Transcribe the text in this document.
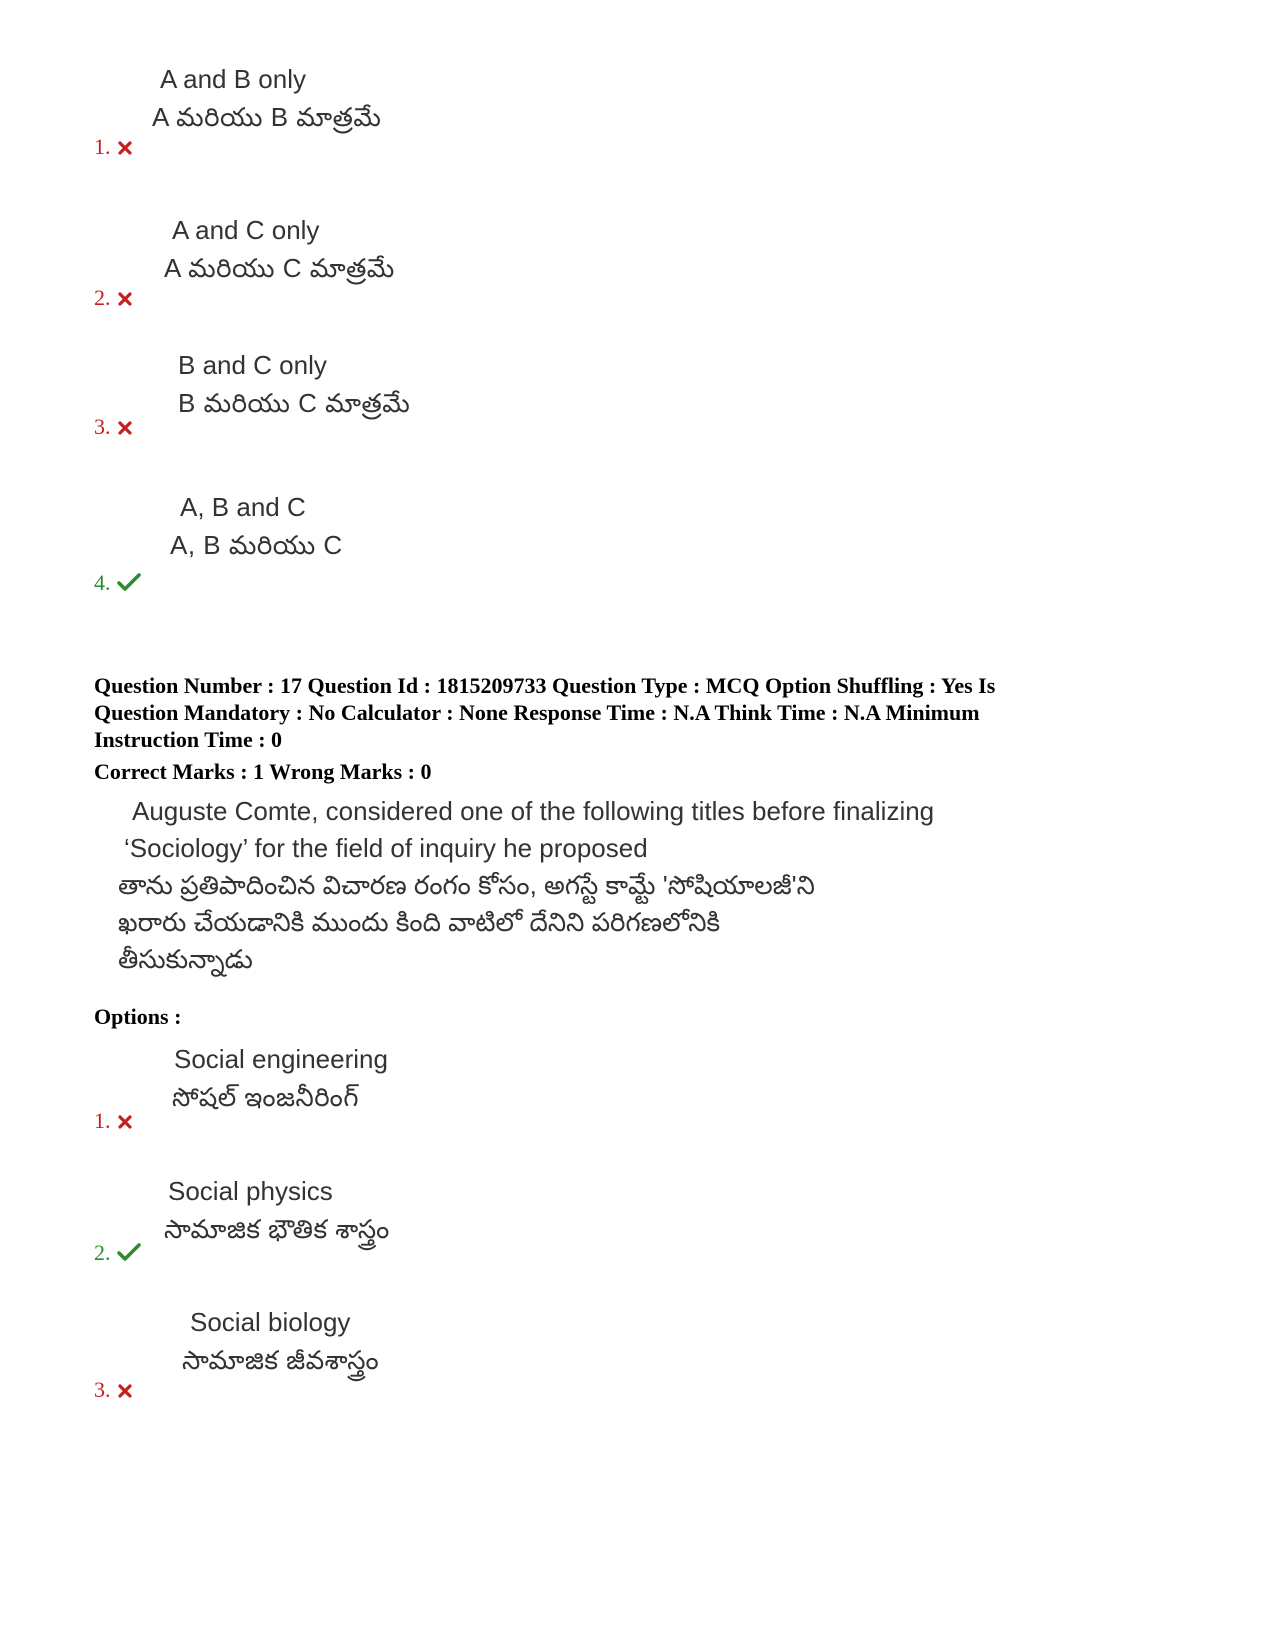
A and B only
A మరియు B మాత్రమే
1.
A and C only
A మరియు C మాత్రమే
2.
B and C only
B మరియు C మాత్రమే
3.
A, B and C
A, B మరియు C
4.
Question Number : 17 Question Id : 1815209733 Question Type : MCQ Option Shuffling : Yes Is
Question Mandatory : No Calculator : None Response Time : N.A Think Time : N.A Minimum
Instruction Time : 0
Correct Marks : 1 Wrong Marks : 0
Auguste Comte, considered one of the following titles before finalizing
‘Sociology’ for the field of inquiry he proposed
తాను ప్రతిపాదించిన విచారణ రంగం కోసం, అగస్టే కామ్టే 'సోషియాలజీ'ని
ఖరారు చేయడానికి ముందు కింది వాటిలో దేనిని పరిగణలోనికి
తీసుకున్నాడు
Options :
Social engineering
సోషల్ ఇంజనీరింగ్
1.
Social physics
సామాజిక భౌతిక శాస్త్రం
2.
Social biology
సామాజిక జీవశాస్త్రం
3.
